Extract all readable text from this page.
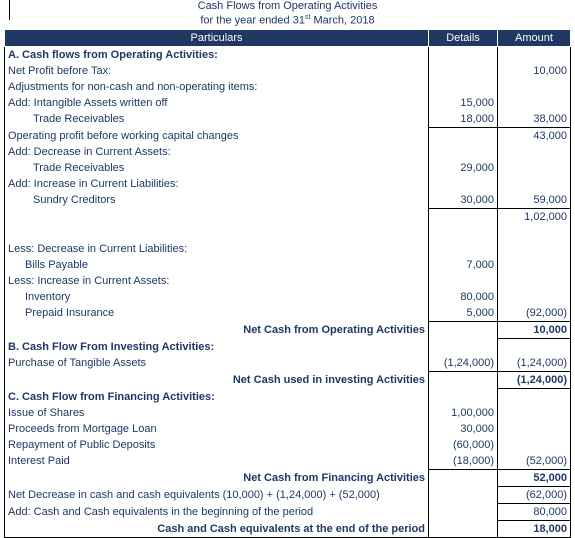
Cash Flows from Operating Activities
for the year ended 31st March, 2018
Particulars	Details	Amount
A. Cash flows from Operating Activities:		
Net Profit before Tax:		10,000
Adjustments for non-cash and non-operating items:		
Add: Intangible Assets written off	15,000	
Trade Receivables	18,000	38,000
Operating profit before working capital changes		43,000
Add: Decrease in Current Assets:		
Trade Receivables	29,000	
Add: Increase in Current Liabilities:		
Sundry Creditors	30,000	59,000
		1,02,000

Less: Decrease in Current Liabilities:		
Bills Payable	7,000	
Less: Increase in Current Assets:		
Inventory	80,000	
Prepaid Insurance	5,000	(92,000)
Net Cash from Operating Activities		10,000
B. Cash Flow From Investing Activities:		
Purchase of Tangible Assets	(1,24,000)	(1,24,000)
Net Cash used in investing Activities		(1,24,000)
C. Cash Flow from Financing Activities:		
Issue of Shares	1,00,000	
Proceeds from Mortgage Loan	30,000	
Repayment of Public Deposits	(60,000)	
Interest Paid	(18,000)	(52,000)
Net Cash from Financing Activities		52,000
Net Decrease in cash and cash equivalents (10,000) + (1,24,000) + (52,000)		(62,000)
Add: Cash and Cash equivalents in the beginning of the period		80,000
Cash and Cash equivalents at the end of the period		18,000
